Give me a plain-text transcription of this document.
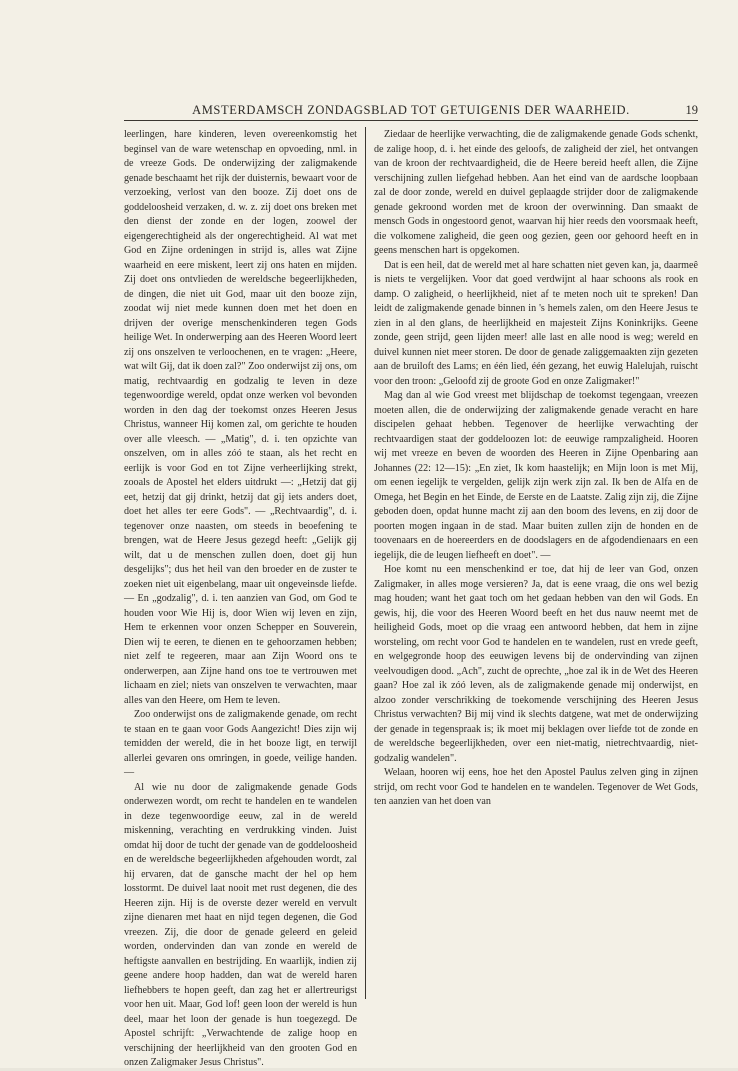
AMSTERDAMSCH ZONDAGSBLAD TOT GETUIGENIS DER WAARHEID.	19

leerlingen, hare kinderen, leven overeenkomstig het beginsel van de ware wetenschap en opvoeding, nml. in de vreeze Gods. De onderwijzing der zaligmakende genade beschaamt het rijk der duisternis, bewaart voor de verzoeking, verlost van den booze. Zij doet ons de goddeloosheid verzaken, d. w. z. zij doet ons breken met den dienst der zonde en der logen, zoowel der eigengerechtigheid als der ongerechtigheid. Al wat met God en Zijne ordeningen in strijd is, alles wat Zijne waarheid en eere miskent, leert zij ons haten en mijden. Zij doet ons ontvlieden de wereldsche begeerlijkheden, de dingen, die niet uit God, maar uit den booze zijn, zoodat wij niet mede kunnen doen met het doen en drijven der overige menschenkinderen tegen Gods heilige Wet. In onderwerping aan des Heeren Woord leert zij ons onszelven te verloochenen, en te vragen: „Heere, wat wilt Gij, dat ik doen zal?" Zoo onderwijst zij ons, om matig, rechtvaardig en godzalig te leven in deze tegenwoordige wereld, opdat onze werken vol bevonden worden in den dag der toekomst onzes Heeren Jesus Christus, wanneer Hij komen zal, om gerichte te houden over alle vleesch. — „Matig", d. i. ten opzichte van onszelven, om in alles zóó te staan, als het recht en eerlijk is voor God en tot Zijne verheerlijking strekt, zooals de Apostel het elders uitdrukt —: „Hetzij dat gij eet, hetzij dat gij drinkt, hetzij dat gij iets anders doet, doet het alles ter eere Gods". — „Rechtvaardig", d. i. tegenover onze naasten, om steeds in beoefening te brengen, wat de Heere Jesus gezegd heeft: „Gelijk gij wilt, dat u de menschen zullen doen, doet gij hun desgelijks"; dus het heil van den broeder en de zuster te zoeken niet uit eigenbelang, maar uit ongeveinsde liefde. — En „godzalig", d. i. ten aanzien van God, om God te houden voor Wie Hij is, door Wien wij leven en zijn, Hem te erkennen voor onzen Schepper en Souverein, Dien wij te eeren, te dienen en te gehoorzamen hebben; niet zelf te regeeren, maar aan Zijn Woord ons te onderwerpen, aan Zijne hand ons toe te vertrouwen met lichaam en ziel; niets van onszelven te verwachten, maar alles van den Heere, om Hem te leven.

Zoo onderwijst ons de zaligmakende genade, om recht te staan en te gaan voor Gods Aangezicht! Dies zijn wij temidden der wereld, die in het booze ligt, en terwijl allerlei gevaren ons omringen, in goede, veilige handen. —

Al wie nu door de zaligmakende genade Gods onderwezen wordt, om recht te handelen en te wandelen in deze tegenwoordige eeuw, zal in de wereld miskenning, verachting en verdrukking vinden. Juist omdat hij door de tucht der genade van de goddeloosheid en de wereldsche begeerlijkheden afgehouden wordt, zal hij ervaren, dat de gansche macht der hel op hem losstormt. De duivel laat nooit met rust degenen, die des Heeren zijn. Hij is de overste dezer wereld en vervult zijne dienaren met haat en nijd tegen degenen, die God vreezen. Zij, die door de genade geleerd en geleid worden, ondervinden dan van zonde en wereld de heftigste aanvallen en bestrijding. En waarlijk, indien zij geene andere hoop hadden, dan wat de wereld haren liefhebbers te hopen geeft, dan zag het er allertreurigst voor hen uit. Maar, God lof! geen loon der wereld is hun deel, maar het loon der genade is hun toegezegd. De Apostel schrijft: „Verwachtende de zalige hoop en verschijning der heerlijkheid van den grooten God en onzen Zaligmaker Jesus Christus".

Ziedaar de heerlijke verwachting, die de zaligmakende genade Gods schenkt, de zalige hoop, d. i. het einde des geloofs, de zaligheid der ziel, het ontvangen van de kroon der rechtvaardigheid, die de Heere bereid heeft allen, die Zijne verschijning zullen liefgehad hebben. Aan het eind van de aardsche loopbaan zal de door zonde, wereld en duivel geplaagde strijder door de zaligmakende genade gekroond worden met de kroon der overwinning. Dan smaakt de mensch Gods in ongestoord genot, waarvan hij hier reeds den voorsmaak heeft, die volkomene zaligheid, die geen oog gezien, geen oor gehoord heeft en in geens menschen hart is opgekomen.

Dat is een heil, dat de wereld met al hare schatten niet geven kan, ja, daarmeê is niets te vergelijken. Voor dat goed verdwijnt al haar schoons als rook en damp. O zaligheid, o heerlijkheid, niet af te meten noch uit te spreken! Dan leidt de zaligmakende genade binnen in 's hemels zalen, om den Heere Jesus te zien in al den glans, de heerlijkheid en majesteit Zijns Koninkrijks. Geene zonde, geen strijd, geen lijden meer! alle last en alle nood is weg; wereld en duivel kunnen niet meer storen. De door de genade zaliggemaakten zijn gezeten aan de bruiloft des Lams; en één lied, één gezang, het euwig Halelujah, ruischt voor den troon: „Geloofd zij de groote God en onze Zaligmaker!"

Mag dan al wie God vreest met blijdschap de toekomst tegengaan, vreezen moeten allen, die de onderwijzing der zaligmakende genade veracht en hare discipelen gehaat hebben. Tegenover de heerlijke verwachting der rechtvaardigen staat der goddeloozen lot: de eeuwige rampzaligheid. Hooren wij met vreeze en beven de woorden des Heeren in Zijne Openbaring aan Johannes (22: 12—15): „En ziet, Ik kom haastelijk; en Mijn loon is met Mij, om eenen iegelijk te vergelden, gelijk zijn werk zijn zal. Ik ben de Alfa en de Omega, het Begin en het Einde, de Eerste en de Laatste. Zalig zijn zij, die Zijne geboden doen, opdat hunne macht zij aan den boom des levens, en zij door de poorten mogen ingaan in de stad. Maar buiten zullen zijn de honden en de toovenaars en de hoereerders en de doodslagers en de afgodendienaars en een iegelijk, die de leugen liefheeft en doet". —

Hoe komt nu een menschenkind er toe, dat hij de leer van God, onzen Zaligmaker, in alles moge versieren? Ja, dat is eene vraag, die ons wel bezig mag houden; want het gaat toch om het gedaan hebben van den wil Gods. En gewis, hij, die voor des Heeren Woord beeft en het dus nauw neemt met de heiligheid Gods, moet op die vraag een antwoord hebben, dat hem in zijne worsteling, om recht voor God te handelen en te wandelen, rust en vrede geeft, en welgegronde hoop des eeuwigen levens bij de ondervinding van zijnen veelvoudigen dood. „Ach", zucht de oprechte, „hoe zal ik in de Wet des Heeren gaan? Hoe zal ik zóó leven, als de zaligmakende genade mij onderwijst, en alzoo zonder verschrikking de toekomende verschijning des Heeren Jesus Christus verwachten? Bij mij vind ik slechts datgene, wat met de onderwijzing der genade in tegenspraak is; ik moet mij beklagen over liefde tot de zonde en de wereldsche begeerlijkheden, over een niet-matig, nietrechtvaardig, niet-godzalig wandelen".

Welaan, hooren wij eens, hoe het den Apostel Paulus zelven ging in zijnen strijd, om recht voor God te handelen en te wandelen. Tegenover de Wet Gods, ten aanzien van het doen van
